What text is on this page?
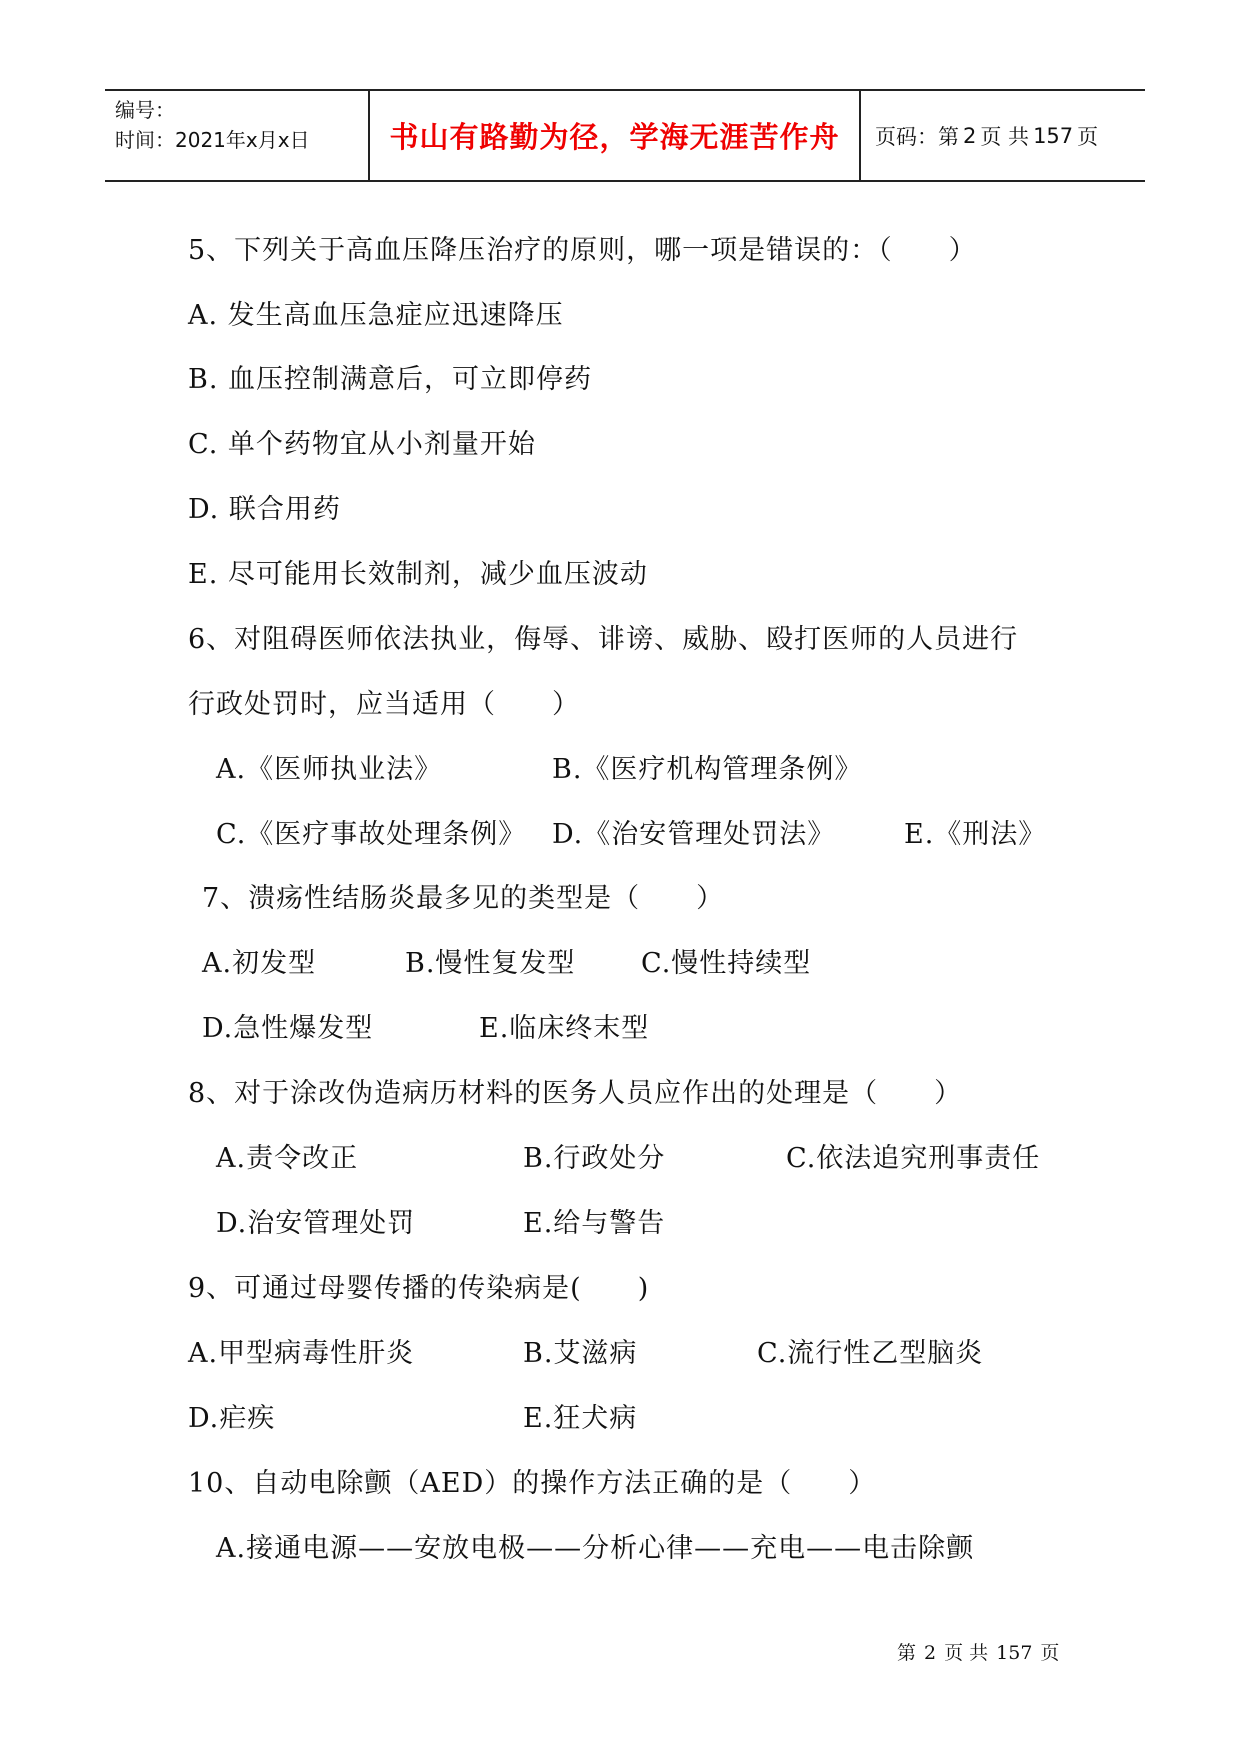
编号：
时间：2021年x月x日	书山有路勤为径，学海无涯苦作舟	页码：第 2 页 共 157 页
5、下列关于高血压降压治疗的原则，哪一项是错误的：（　　）
A. 发生高血压急症应迅速降压
B. 血压控制满意后，可立即停药
C. 单个药物宜从小剂量开始
D. 联合用药
E. 尽可能用长效制剂，减少血压波动
6、对阻碍医师依法执业，侮辱、诽谤、威胁、殴打医师的人员进行
行政处罚时，应当适用（　　）
A.《医师执业法》	B.《医疗机构管理条例》
C.《医疗事故处理条例》 D.《治安管理处罚法》	E.《刑法》
7、溃疡性结肠炎最多见的类型是（　　）
A.初发型	B.慢性复发型 C.慢性持续型
D.急性爆发型	E.临床终末型
8、对于涂改伪造病历材料的医务人员应作出的处理是（　　）
A.责令改正	B.行政处分	C.依法追究刑事责任
D.治安管理处罚	E.给与警告
9、可通过母婴传播的传染病是(　　)
A.甲型病毒性肝炎	B.艾滋病	C.流行性乙型脑炎
D.疟疾	E.狂犬病
10、自动电除颤（AED）的操作方法正确的是（　　）
A.接通电源——安放电极——分析心律——充电——电击除颤
第 2 页 共 157 页
